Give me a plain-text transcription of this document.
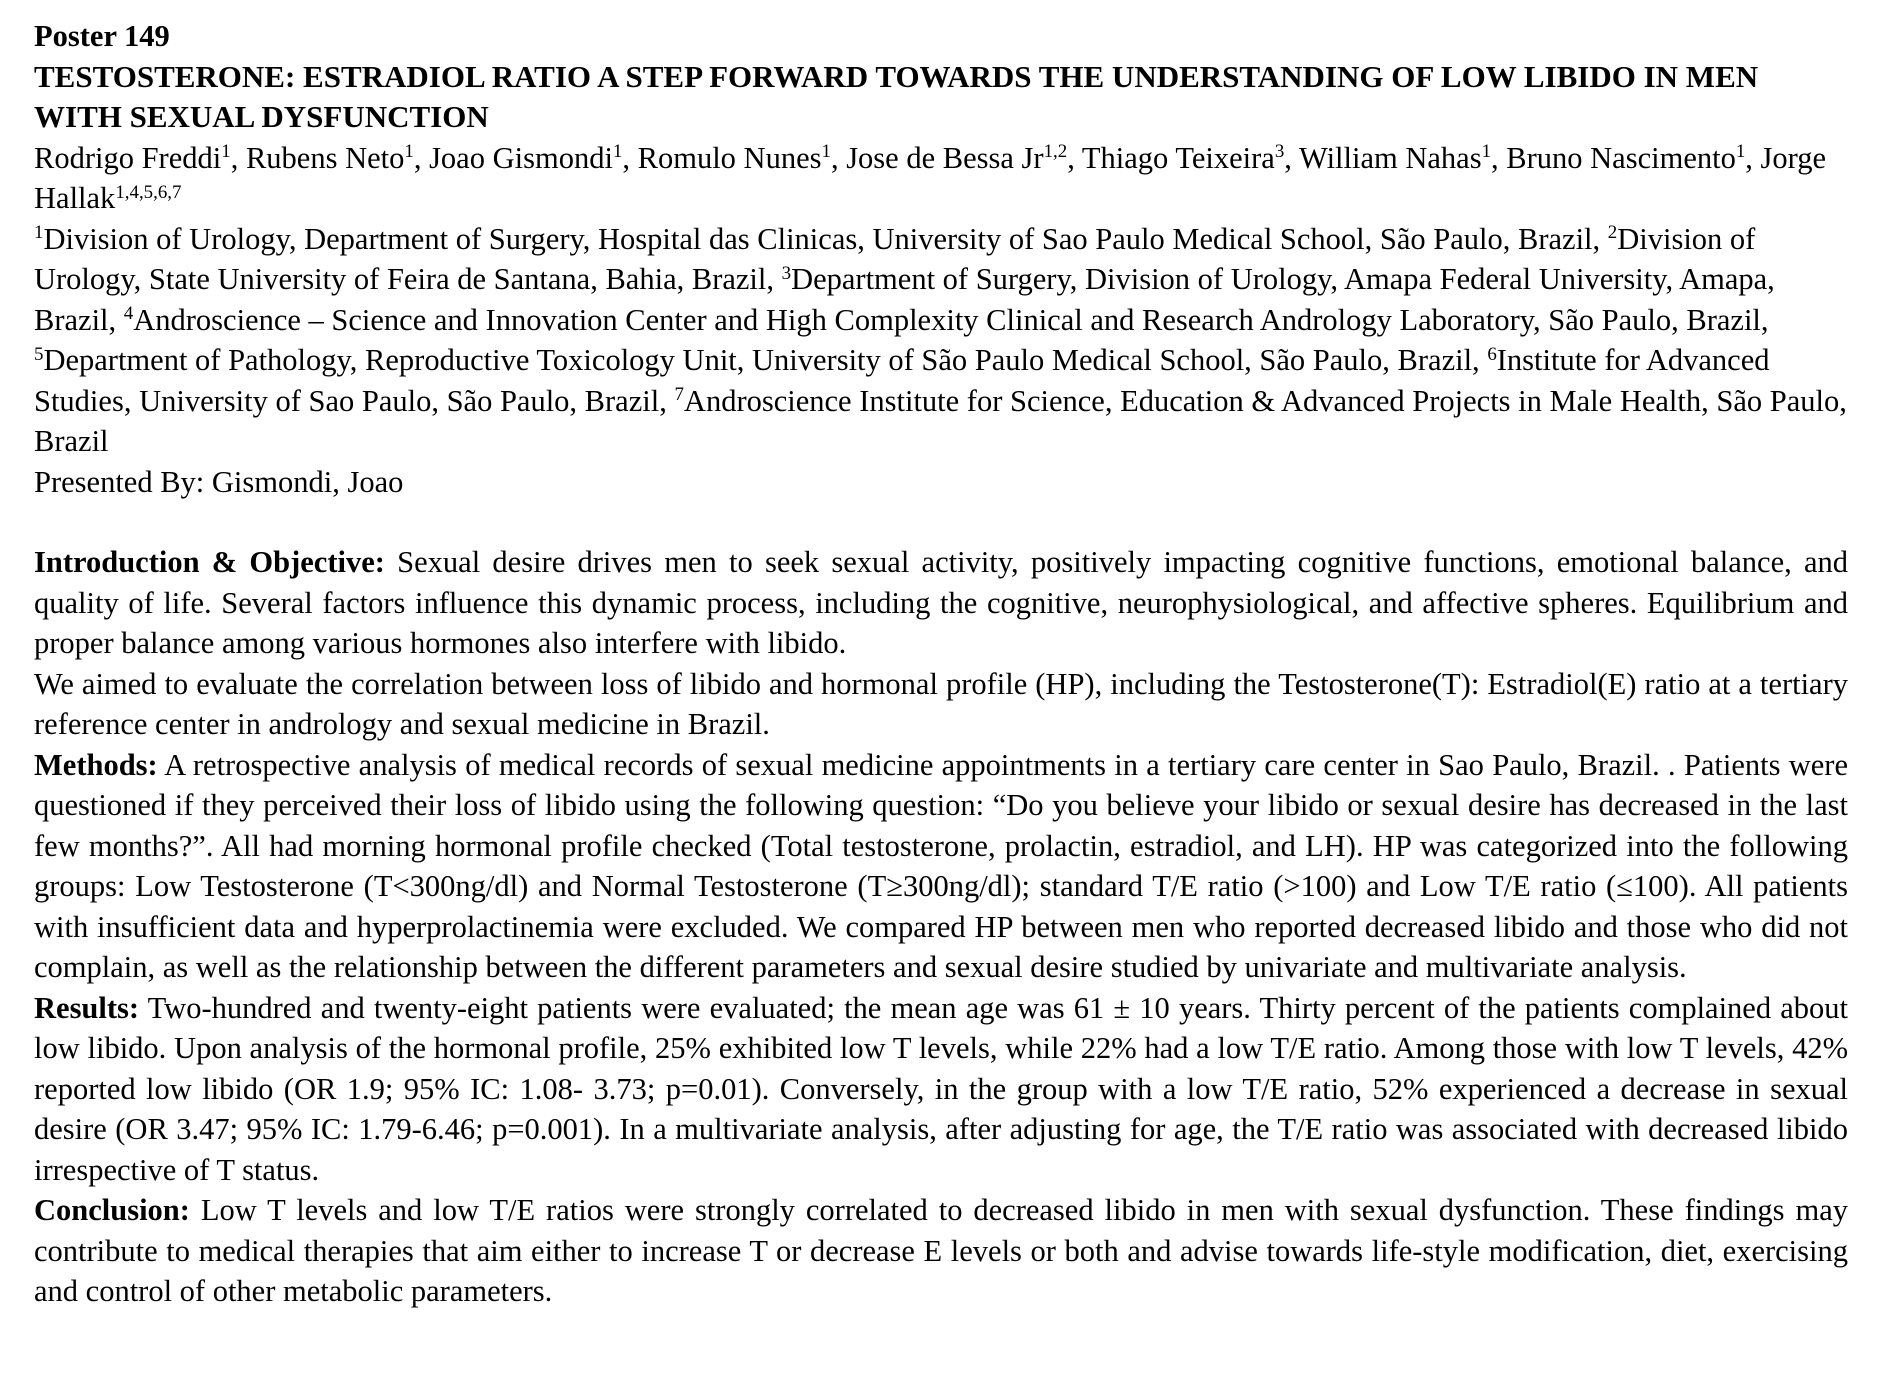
Poster 149
TESTOSTERONE: ESTRADIOL RATIO A STEP FORWARD TOWARDS THE UNDERSTANDING OF LOW LIBIDO IN MEN WITH SEXUAL DYSFUNCTION
Rodrigo Freddi$^1$, Rubens Neto$^1$, Joao Gismondi$^1$, Romulo Nunes$^1$, Jose de Bessa Jr$^{1,2}$, Thiago Teixeira$^3$, William Nahas$^1$, Bruno Nascimento$^1$, Jorge Hallak$^{1,4,5,6,7}$
$^1$Division of Urology, Department of Surgery, Hospital das Clinicas, University of Sao Paulo Medical School, São Paulo, Brazil, $^2$Division of Urology, State University of Feira de Santana, Bahia, Brazil, $^3$Department of Surgery, Division of Urology, Amapa Federal University, Amapa, Brazil, $^4$Androscience – Science and Innovation Center and High Complexity Clinical and Research Andrology Laboratory, São Paulo, Brazil, $^5$Department of Pathology, Reproductive Toxicology Unit, University of São Paulo Medical School, São Paulo, Brazil, $^6$Institute for Advanced Studies, University of Sao Paulo, São Paulo, Brazil, $^7$Androscience Institute for Science, Education & Advanced Projects in Male Health, São Paulo, Brazil
Presented By: Gismondi, Joao

Introduction & Objective: Sexual desire drives men to seek sexual activity, positively impacting cognitive functions, emotional balance, and quality of life. Several factors influence this dynamic process, including the cognitive, neurophysiological, and affective spheres. Equilibrium and proper balance among various hormones also interfere with libido.

We aimed to evaluate the correlation between loss of libido and hormonal profile (HP), including the Testosterone(T): Estradiol(E) ratio at a tertiary reference center in andrology and sexual medicine in Brazil.

Methods: A retrospective analysis of medical records of sexual medicine appointments in a tertiary care center in Sao Paulo, Brazil. . Patients were questioned if they perceived their loss of libido using the following question: “Do you believe your libido or sexual desire has decreased in the last few months?”. All had morning hormonal profile checked (Total testosterone, prolactin, estradiol, and LH). HP was categorized into the following groups: Low Testosterone (T<300ng/dl) and Normal Testosterone (T≥300ng/dl); standard T/E ratio (>100) and Low T/E ratio (≤100). All patients with insufficient data and hyperprolactinemia were excluded. We compared HP between men who reported decreased libido and those who did not complain, as well as the relationship between the different parameters and sexual desire studied by univariate and multivariate analysis.

Results: Two-hundred and twenty-eight patients were evaluated; the mean age was 61 ± 10 years. Thirty percent of the patients complained about low libido. Upon analysis of the hormonal profile, 25% exhibited low T levels, while 22% had a low T/E ratio. Among those with low T levels, 42% reported low libido (OR 1.9; 95% IC: 1.08- 3.73; p=0.01). Conversely, in the group with a low T/E ratio, 52% experienced a decrease in sexual desire (OR 3.47; 95% IC: 1.79-6.46; p=0.001). In a multivariate analysis, after adjusting for age, the T/E ratio was associated with decreased libido irrespective of T status.

Conclusion: Low T levels and low T/E ratios were strongly correlated to decreased libido in men with sexual dysfunction. These findings may contribute to medical therapies that aim either to increase T or decrease E levels or both and advise towards life-style modification, diet, exercising and control of other metabolic parameters.
